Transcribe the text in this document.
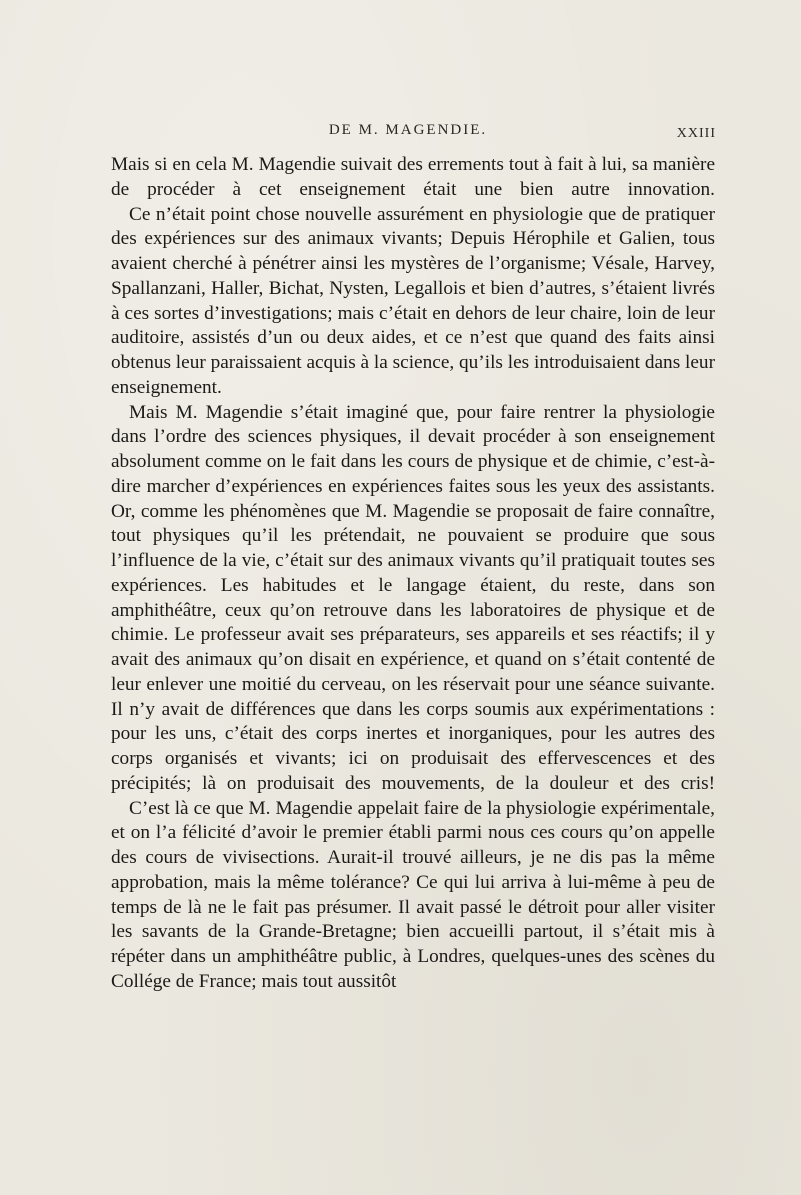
DE M. MAGENDIE.	XXIII

Mais si en cela M. Magendie suivait des errements tout à fait à lui, sa manière de procéder à cet enseignement était une bien autre innovation.

Ce n’était point chose nouvelle assurément en physiologie que de pratiquer des expériences sur des animaux vivants; Depuis Hérophile et Galien, tous avaient cherché à pénétrer ainsi les mystères de l’organisme; Vésale, Harvey, Spallanzani, Haller, Bichat, Nysten, Legallois et bien d’autres, s’étaient livrés à ces sortes d’investigations; mais c’était en dehors de leur chaire, loin de leur auditoire, assistés d’un ou deux aides, et ce n’est que quand des faits ainsi obtenus leur paraissaient acquis à la science, qu’ils les introduisaient dans leur enseignement.

Mais M. Magendie s’était imaginé que, pour faire rentrer la physiologie dans l’ordre des sciences physiques, il devait procéder à son enseignement absolument comme on le fait dans les cours de physique et de chimie, c’est-à-dire marcher d’expériences en expériences faites sous les yeux des assistants. Or, comme les phénomènes que M. Magendie se proposait de faire connaître, tout physiques qu’il les prétendait, ne pouvaient se produire que sous l’influence de la vie, c’était sur des animaux vivants qu’il pratiquait toutes ses expériences. Les habitudes et le langage étaient, du reste, dans son amphithéâtre, ceux qu’on retrouve dans les laboratoires de physique et de chimie. Le professeur avait ses préparateurs, ses appareils et ses réactifs; il y avait des animaux qu’on disait en expérience, et quand on s’était contenté de leur enlever une moitié du cerveau, on les réservait pour une séance suivante. Il n’y avait de différences que dans les corps soumis aux expérimentations : pour les uns, c’était des corps inertes et inorganiques, pour les autres des corps organisés et vivants; ici on produisait des effervescences et des précipités; là on produisait des mouvements, de la douleur et des cris!

C’est là ce que M. Magendie appelait faire de la physiologie expérimentale, et on l’a félicité d’avoir le premier établi parmi nous ces cours qu’on appelle des cours de vivisections. Aurait-il trouvé ailleurs, je ne dis pas la même approbation, mais la même tolérance? Ce qui lui arriva à lui-même à peu de temps de là ne le fait pas présumer. Il avait passé le détroit pour aller visiter les savants de la Grande-Bretagne; bien accueilli partout, il s’était mis à répéter dans un amphithéâtre public, à Londres, quelques-unes des scènes du Collége de France; mais tout aussitôt
